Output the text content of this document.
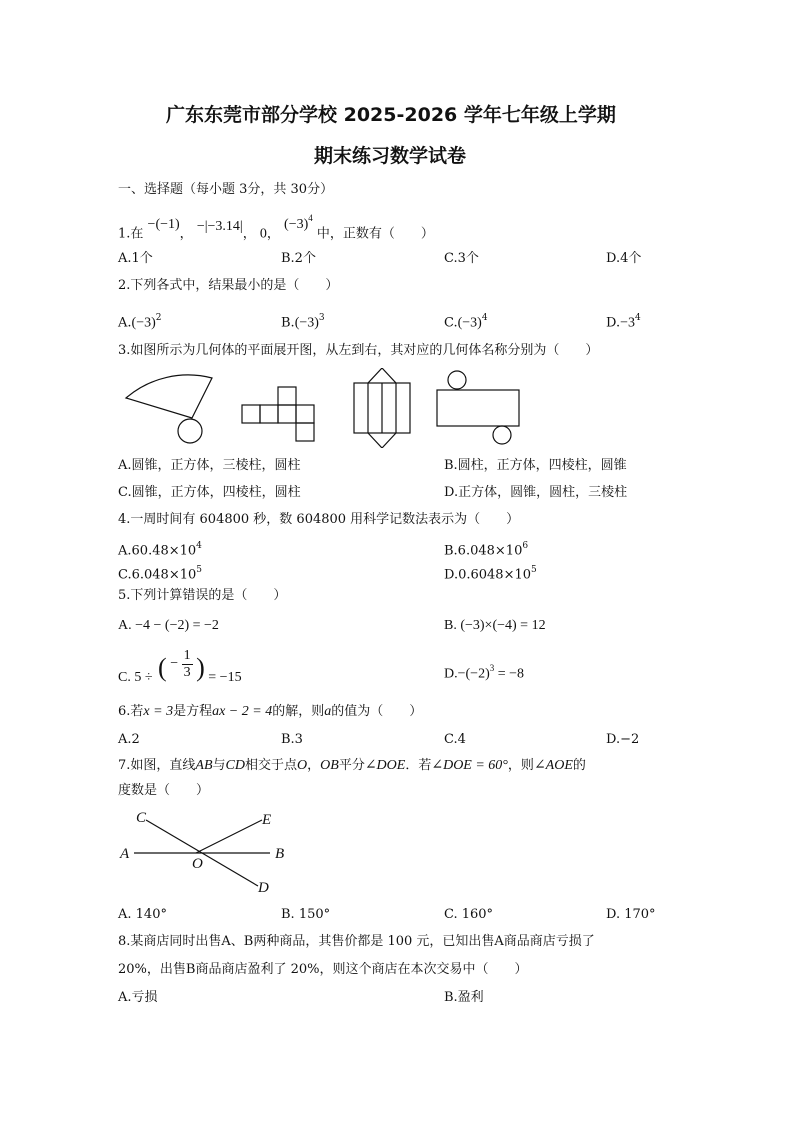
广东东莞市部分学校 2025-2026 学年七年级上学期
期末练习数学试卷
一、选择题（每小题 3分，共 30分）
1.在 −(−1)， −|−3.14|， 0， $(-3)^4$ 中，正数有（　　）
A.1个	B.2个	C.3个	D.4个
2.下列各式中，结果最小的是（　　）
$A.(-3)^2$	$B.(-3)^3$	$C.(-3)^4$	$D.-3^4$
3.如图所示为几何体的平面展开图，从左到右，其对应的几何体名称分别为（　　）
A.圆锥，正方体，三棱柱，圆柱	B.圆柱，正方体，四棱柱，圆锥
C.圆锥，正方体，四棱柱，圆柱	D.正方体，圆锥，圆柱，三棱柱
4.一周时间有 604800 秒，数 604800 用科学记数法表示为（　　）
$A.60.48\times 10^4$	$B.6.048\times 10^6$
$C.6.048\times 10^5$	$D.0.6048\times 10^5$
5.下列计算错误的是（　　）
A. −4 − (−2) = −2	B. (−3)×(−4) = 12
C. 5 ÷ ( − $\frac{1}{3}$ ) = −15	$D.-(-2)^3 = -8$
6.若x = 3是方程ax − 2 = 4的解，则a的值为（　　）
A.2	B.3	C.4	D.−2
7.如图，直线AB与CD相交于点O，OB平分∠DOE．若∠DOE = 60°，则∠AOE的
度数是（　　）
C	E
A	B
O
D
A. 140°	B. 150°	C. 160°	D. 170°
8.某商店同时出售A、B两种商品，其售价都是 100 元，已知出售A商品商店亏损了
20%，出售B商品商店盈利了 20%，则这个商店在本次交易中（　　）
A.亏损	B.盈利
